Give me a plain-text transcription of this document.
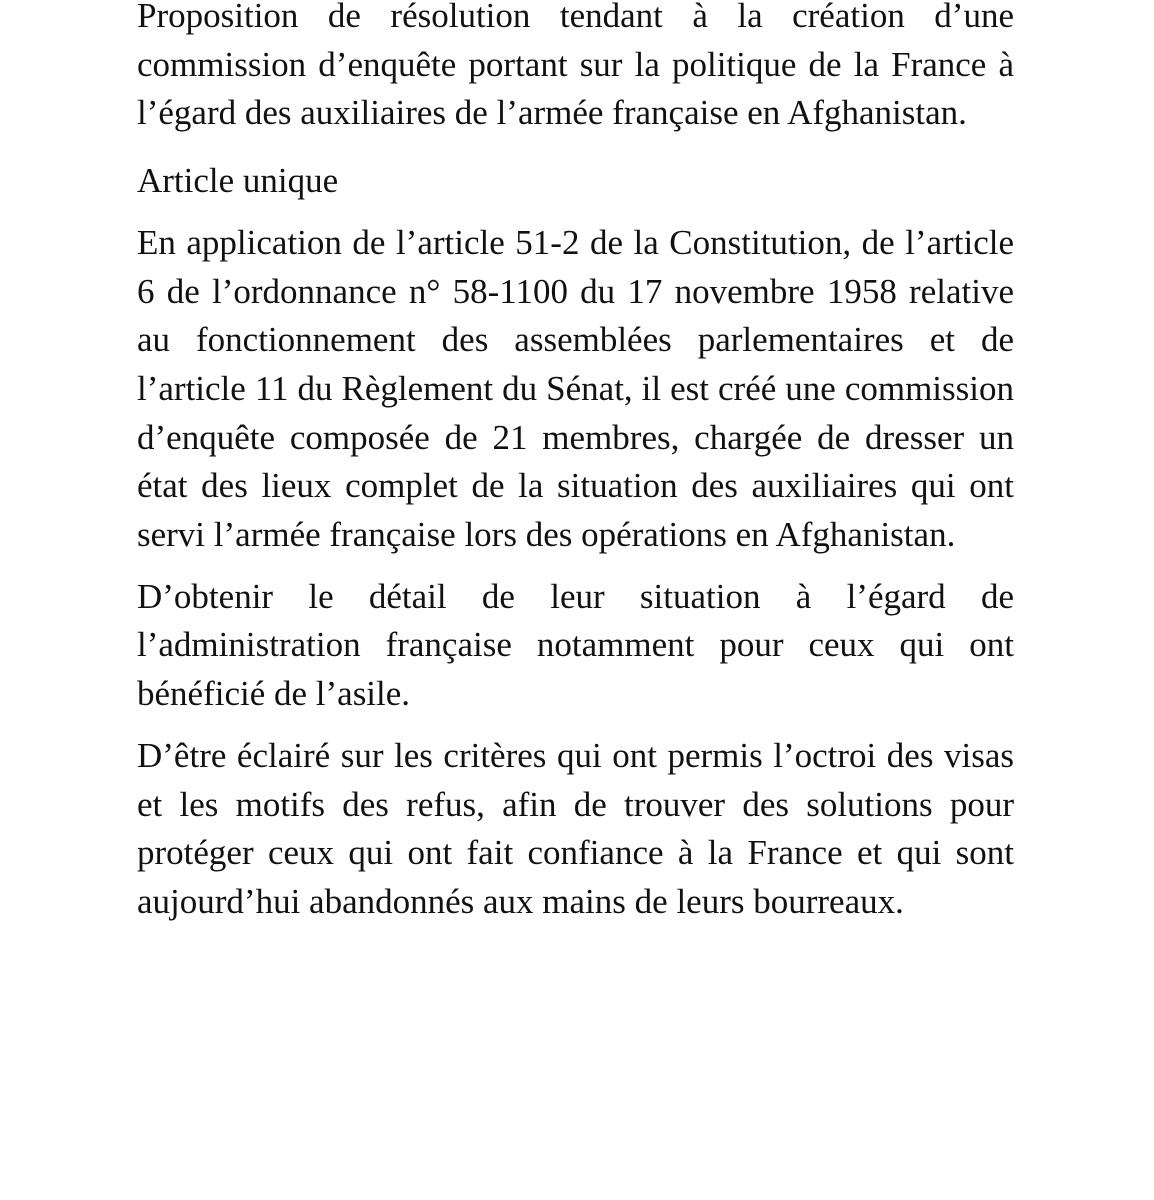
Proposition de résolution tendant à la création d’une commission d’enquête portant sur la politique de la France à l’égard des auxiliaires de l’armée française en Afghanistan.

Article unique

En application de l’article 51-2 de la Constitution, de l’article 6 de l’ordonnance n° 58-1100 du 17 novembre 1958 relative au fonctionnement des assemblées parlementaires et de l’article 11 du Règlement du Sénat, il est créé une commission d’enquête composée de 21 membres, chargée de dresser un état des lieux complet de la situation des auxiliaires qui ont servi l’armée française lors des opérations en Afghanistan.

D’obtenir le détail de leur situation à l’égard de l’administration française notamment pour ceux qui ont bénéficié de l’asile.

D’être éclairé sur les critères qui ont permis l’octroi des visas et les motifs des refus, afin de trouver des solutions pour protéger ceux qui ont fait confiance à la France et qui sont aujourd’hui abandonnés aux mains de leurs bourreaux.
